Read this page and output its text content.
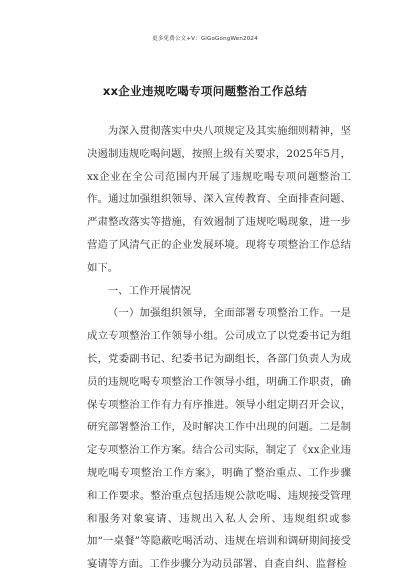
更多免费公文+V：GiGoGongWen2024
xx企业违规吃喝专项问题整治工作总结

为深入贯彻落实中央八项规定及其实施细则精神，坚决遏制违规吃喝问题，按照上级有关要求，2025年5月，xx企业在全公司范围内开展了违规吃喝专项问题整治工作。通过加强组织领导、深入宣传教育、全面排查问题、严肃整改落实等措施，有效遏制了违规吃喝现象，进一步营造了风清气正的企业发展环境。现将专项整治工作总结如下。

一、工作开展情况

（一）加强组织领导，全面部署专项整治工作。一是成立专项整治工作领导小组。公司成立了以党委书记为组长，党委副书记、纪委书记为副组长，各部门负责人为成员的违规吃喝专项整治工作领导小组，明确工作职责，确保专项整治工作有力有序推进。领导小组定期召开会议，研究部署整治工作，及时解决工作中出现的问题。二是制定专项整治工作方案。结合公司实际，制定了《xx企业违规吃喝专项整治工作方案》，明确了整治重点、工作步骤和工作要求。整治重点包括违规公款吃喝、违规接受管理和服务对象宴请、违规出入私人会所、违规组织或参加“一桌餐”等隐蔽吃喝活动、违规在培训和调研期间接受宴请等方面。工作步骤分为动员部署、自查自纠、监督检
